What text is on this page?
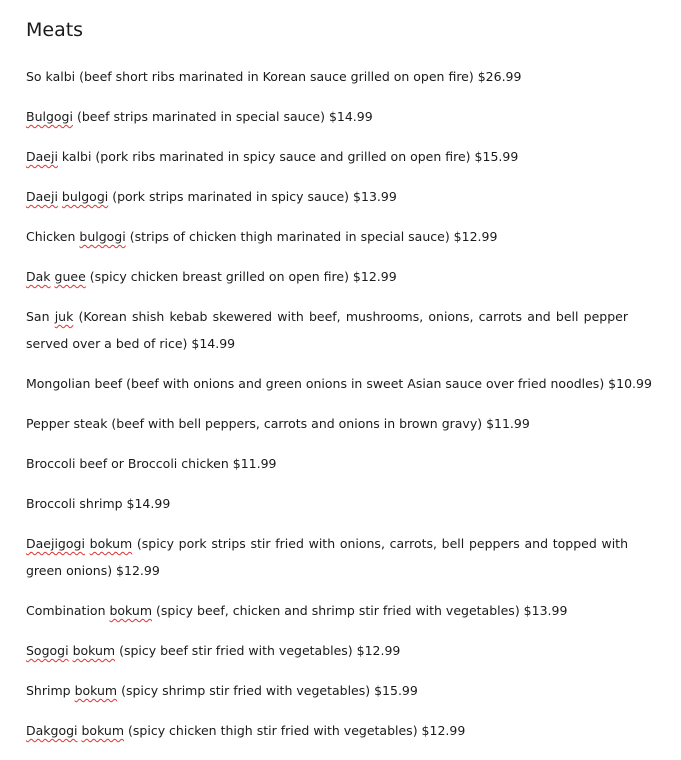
Meats
So kalbi (beef short ribs marinated in Korean sauce grilled on open fire) $26.99
Bulgogi (beef strips marinated in special sauce) $14.99
Daeji kalbi (pork ribs marinated in spicy sauce and grilled on open fire) $15.99
Daeji bulgogi (pork strips marinated in spicy sauce) $13.99
Chicken bulgogi (strips of chicken thigh marinated in special sauce) $12.99
Dak guee (spicy chicken breast grilled on open fire) $12.99
San juk (Korean shish kebab skewered with beef, mushrooms, onions, carrots and bell pepper served over a bed of rice) $14.99
Mongolian beef (beef with onions and green onions in sweet Asian sauce over fried noodles) $10.99
Pepper steak (beef with bell peppers, carrots and onions in brown gravy) $11.99
Broccoli beef or Broccoli chicken $11.99
Broccoli shrimp $14.99
Daejigogi bokum (spicy pork strips stir fried with onions, carrots, bell peppers and topped with green onions) $12.99
Combination bokum (spicy beef, chicken and shrimp stir fried with vegetables) $13.99
Sogogi bokum (spicy beef stir fried with vegetables) $12.99
Shrimp bokum (spicy shrimp stir fried with vegetables) $15.99
Dakgogi bokum (spicy chicken thigh stir fried with vegetables) $12.99
